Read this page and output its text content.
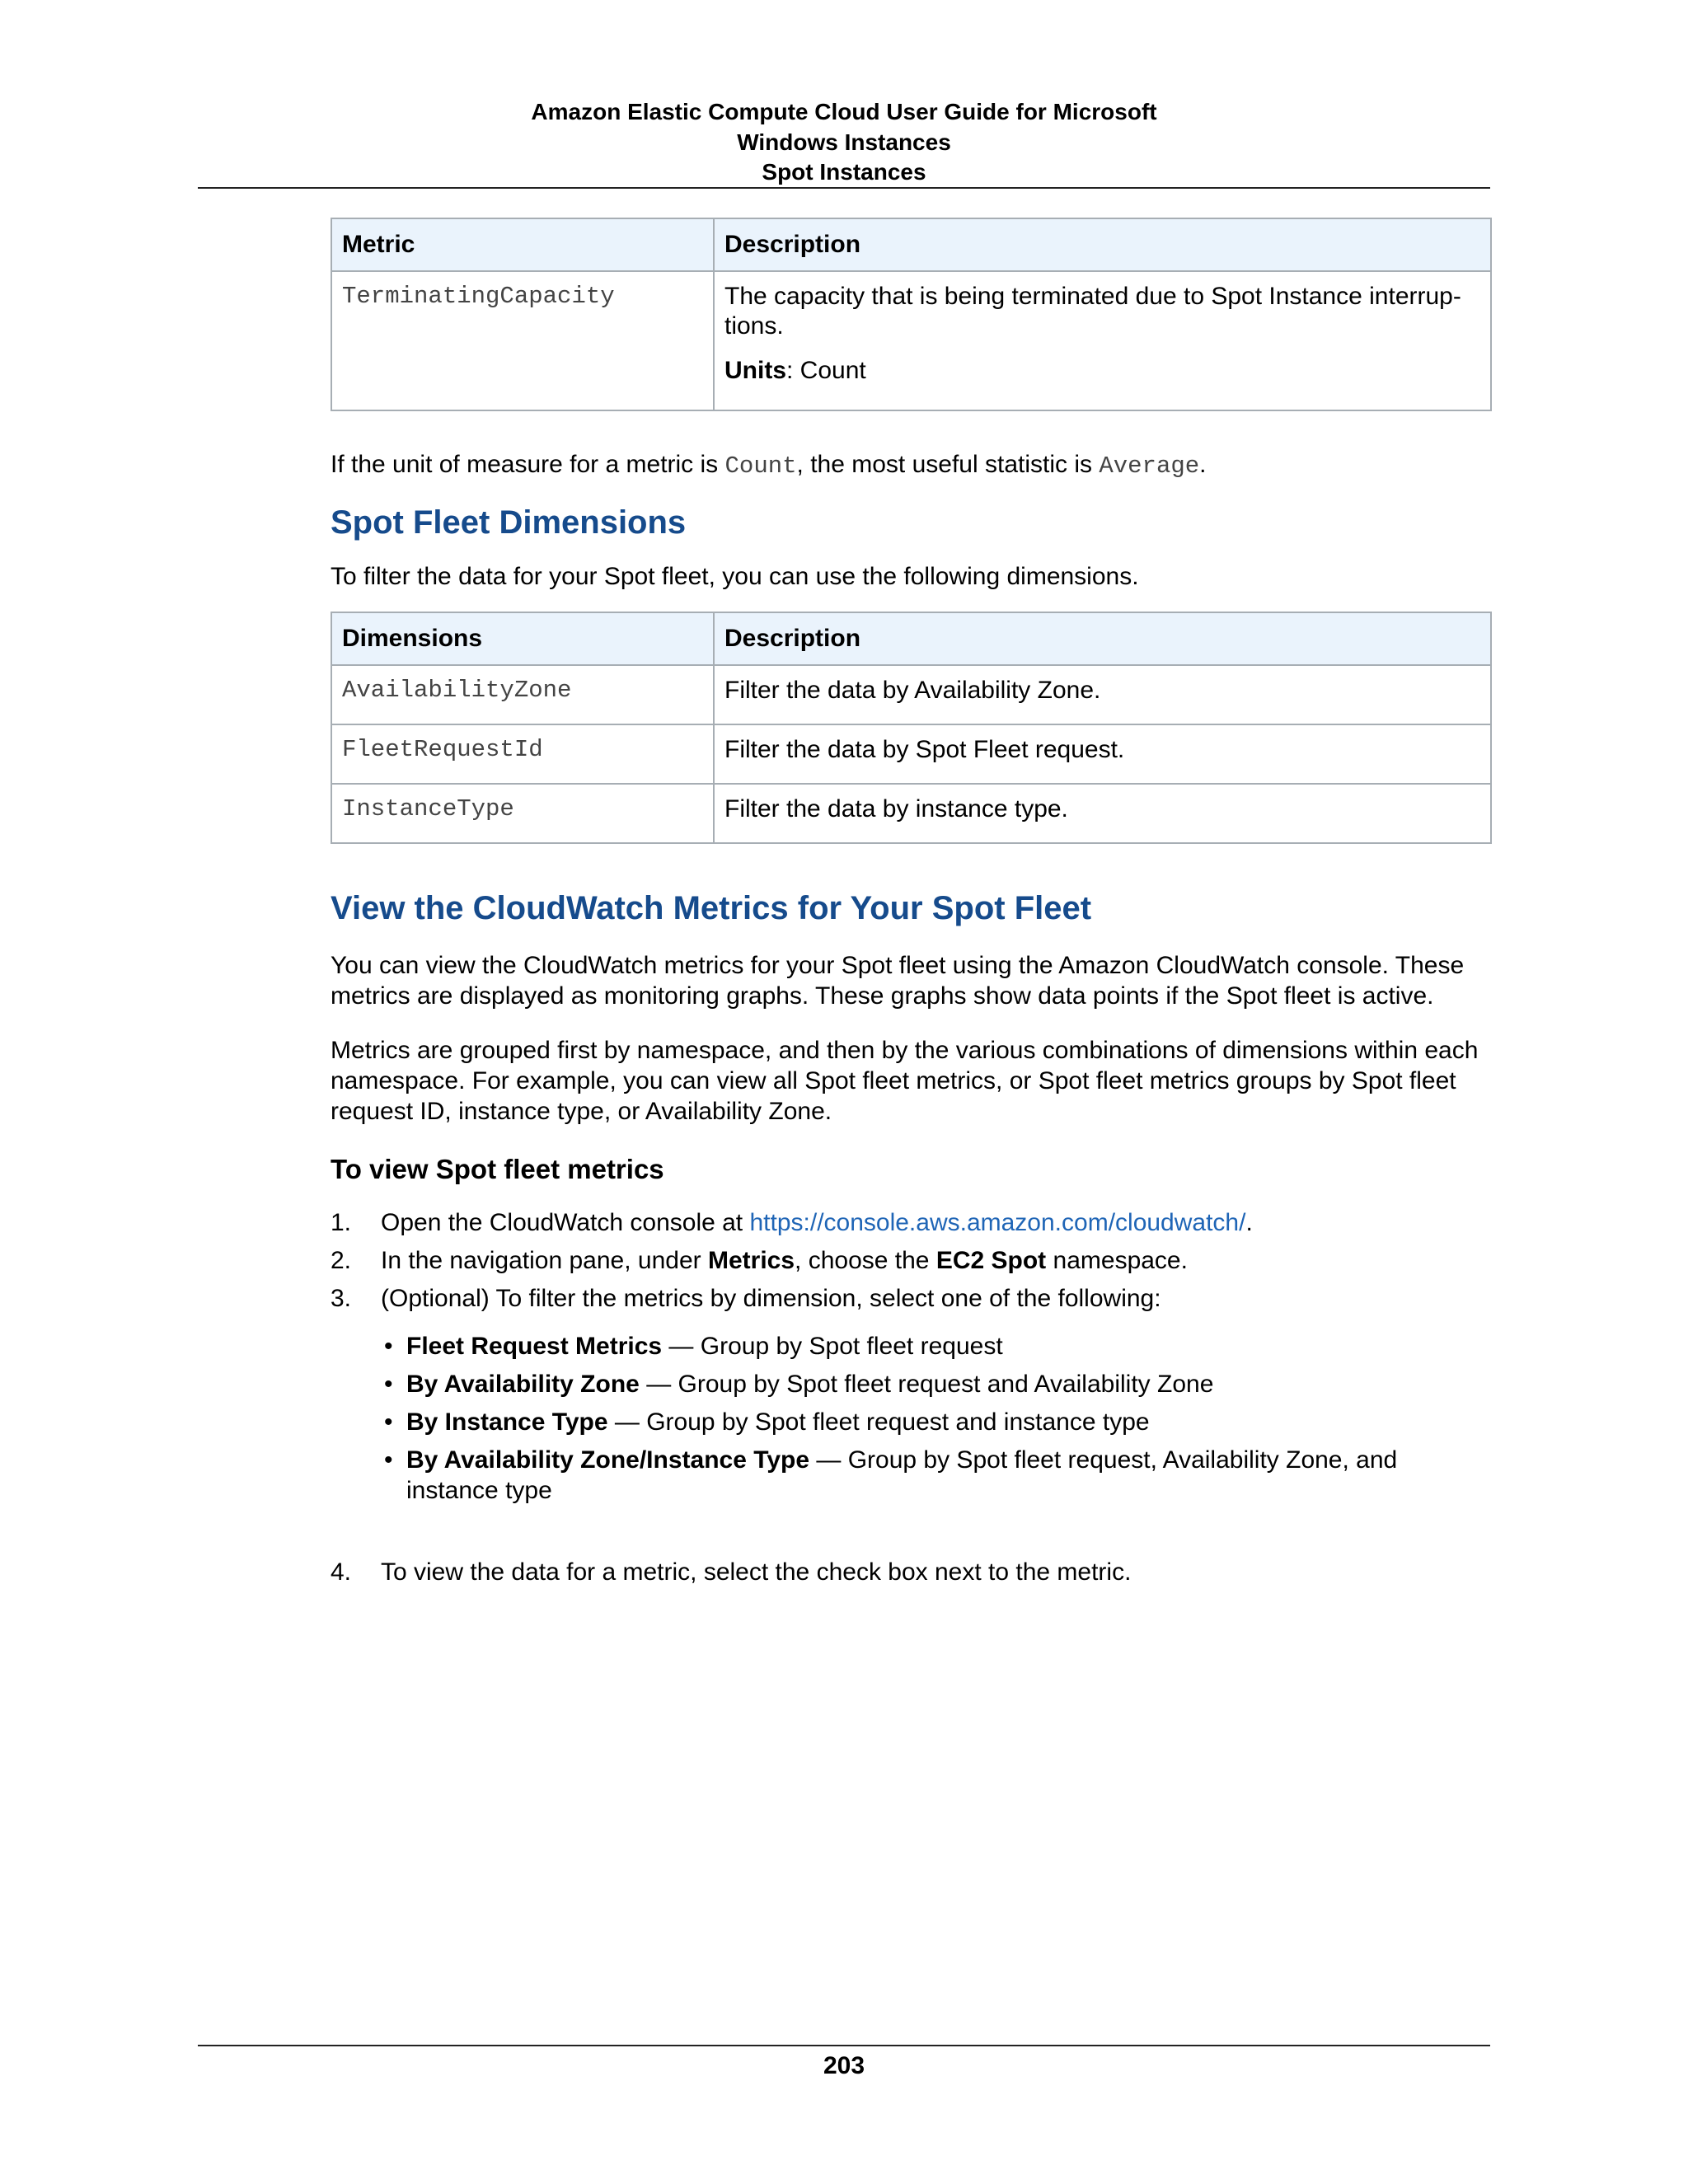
Amazon Elastic Compute Cloud User Guide for Microsoft
Windows Instances
Spot Instances
Metric	Description
TerminatingCapacity	The capacity that is being terminated due to Spot Instance interrup-tions.
Units: Count

If the unit of measure for a metric is Count, the most useful statistic is Average.

Spot Fleet Dimensions

To filter the data for your Spot fleet, you can use the following dimensions.

Dimensions	Description
AvailabilityZone	Filter the data by Availability Zone.
FleetRequestId	Filter the data by Spot Fleet request.
InstanceType	Filter the data by instance type.
View the CloudWatch Metrics for Your Spot Fleet

You can view the CloudWatch metrics for your Spot fleet using the Amazon CloudWatch console. These metrics are displayed as monitoring graphs. These graphs show data points if the Spot fleet is active.

Metrics are grouped first by namespace, and then by the various combinations of dimensions within each namespace. For example, you can view all Spot fleet metrics, or Spot fleet metrics groups by Spot fleet request ID, instance type, or Availability Zone.

To view Spot fleet metrics
1. Open the CloudWatch console at https://console.aws.amazon.com/cloudwatch/.
2. In the navigation pane, under Metrics, choose the EC2 Spot namespace.
3. (Optional) To filter the metrics by dimension, select one of the following:
• Fleet Request Metrics — Group by Spot fleet request
• By Availability Zone — Group by Spot fleet request and Availability Zone
• By Instance Type — Group by Spot fleet request and instance type
• By Availability Zone/Instance Type — Group by Spot fleet request, Availability Zone, and instance type
4. To view the data for a metric, select the check box next to the metric.
203
